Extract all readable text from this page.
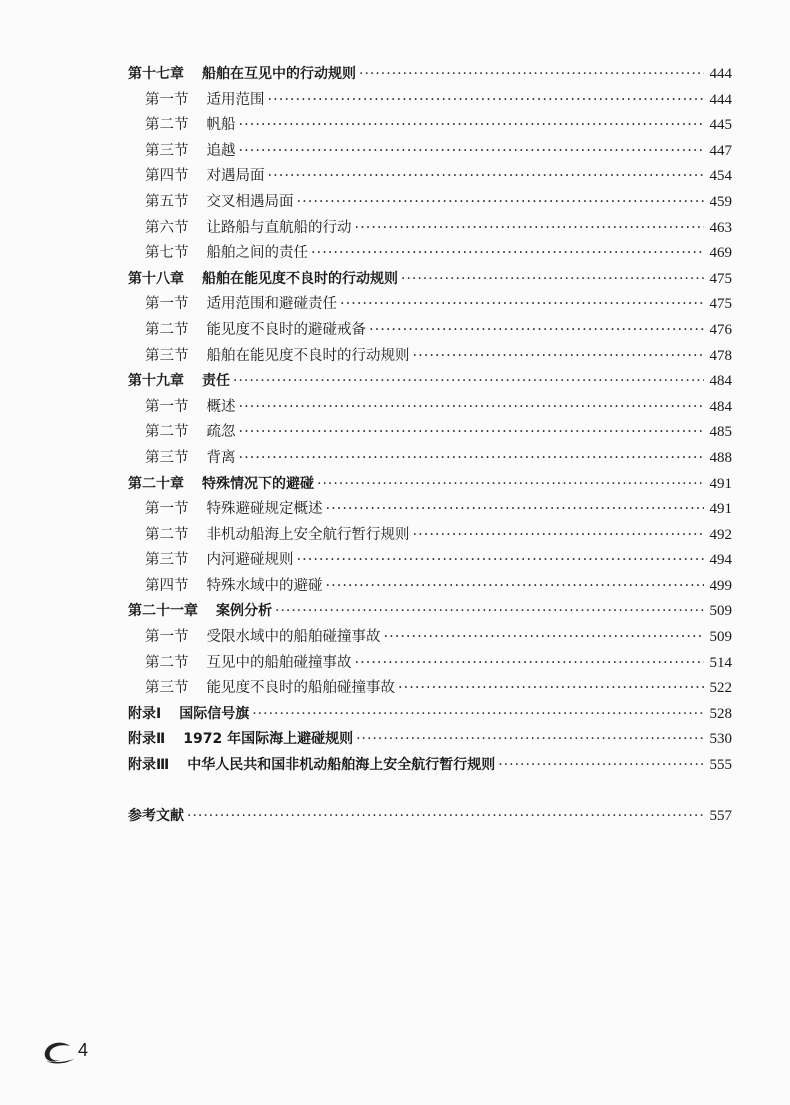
第十七章 船舶在互见中的行动规则 ·····	444
第一节 适用范围 ·····	444
第二节 帆船 ·····	445
第三节 追越 ·····	447
第四节 对遇局面 ·····	454
第五节 交叉相遇局面 ·····	459
第六节 让路船与直航船的行动 ·····	463
第七节 船舶之间的责任 ·····	469
第十八章 船舶在能见度不良时的行动规则 ·····	475
第一节 适用范围和避碰责任 ·····	475
第二节 能见度不良时的避碰戒备 ·····	476
第三节 船舶在能见度不良时的行动规则 ·····	478
第十九章 责任 ·····	484
第一节 概述 ·····	484
第二节 疏忽 ·····	485
第三节 背离 ·····	488
第二十章 特殊情况下的避碰 ·····	491
第一节 特殊避碰规定概述 ·····	491
第二节 非机动船海上安全航行暂行规则 ·····	492
第三节 内河避碰规则 ·····	494
第四节 特殊水域中的避碰 ·····	499
第二十一章 案例分析 ·····	509
第一节 受限水域中的船舶碰撞事故 ·····	509
第二节 互见中的船舶碰撞事故 ·····	514
第三节 能见度不良时的船舶碰撞事故 ·····	522
附录Ⅰ 国际信号旗 ·····	528
附录Ⅱ 1972 年国际海上避碰规则 ·····	530
附录Ⅲ 中华人民共和国非机动船舶海上安全航行暂行规则 ·····	555
参考文献 ·····	557
4
